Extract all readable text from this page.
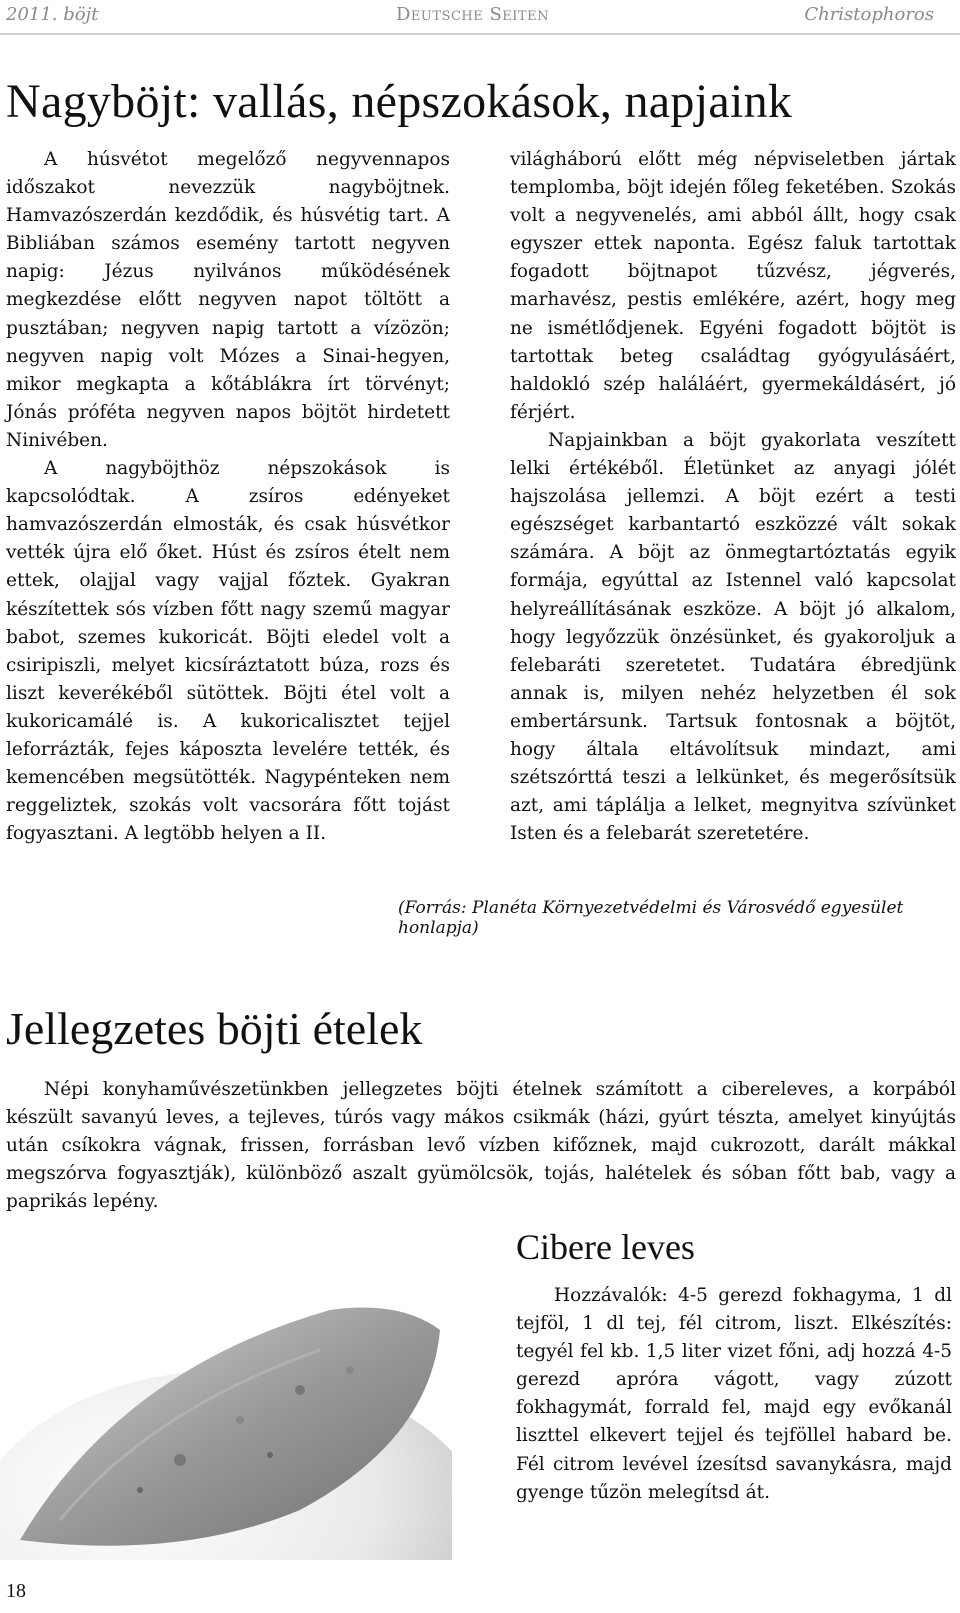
2011. böjt	Deutsche Seiten	Christophoros
Nagyböjt: vallás, népszokások, napjaink

A húsvétot megelőző negyvennapos időszakot nevezzük nagyböjtnek. Hamvazószerdán kezdődik, és húsvétig tart. A Bibliában számos esemény tartott negyven napig: Jézus nyilvános működésének megkezdése előtt negyven napot töltött a pusztában; negyven napig tartott a vízözön; negyven napig volt Mózes a Sinai-hegyen, mikor megkapta a kőtáblákra írt törvényt; Jónás próféta negyven napos böjtöt hirdetett Ninivében.

A nagyböjthöz népszokások is kapcsolódtak. A zsíros edényeket hamvazószerdán elmosták, és csak húsvétkor vették újra elő őket. Húst és zsíros ételt nem ettek, olajjal vagy vajjal főztek. Gyakran készítettek sós vízben főtt nagy szemű magyar babot, szemes kukoricát. Böjti eledel volt a csiripiszli, melyet kicsíráztatott búza, rozs és liszt keverékéből sütöttek. Böjti étel volt a kukoricamálé is. A kukoricalisztet tejjel leforrázták, fejes káposzta levelére tették, és kemencében megsütötték. Nagypénteken nem reggeliztek, szokás volt vacsorára főtt tojást fogyasztani. A legtöbb helyen a II.

világháború előtt még népviseletben jártak templomba, böjt idején főleg feketében. Szokás volt a negyvenelés, ami abból állt, hogy csak egyszer ettek naponta. Egész faluk tartottak fogadott böjtnapot tűzvész, jégverés, marhavész, pestis emlékére, azért, hogy meg ne ismétlődjenek. Egyéni fogadott böjtöt is tartottak beteg családtag gyógyulásáért, haldokló szép haláláért, gyermekáldásért, jó férjért.

Napjainkban a böjt gyakorlata veszített lelki értékéből. Életünket az anyagi jólét hajszolása jellemzi. A böjt ezért a testi egészséget karbantartó eszközzé vált sokak számára. A böjt az önmegtartóztatás egyik formája, egyúttal az Istennel való kapcsolat helyreállításának eszköze. A böjt jó alkalom, hogy legyőzzük önzésünket, és gyakoroljuk a felebaráti szeretetet. Tudatára ébredjünk annak is, milyen nehéz helyzetben él sok embertársunk. Tartsuk fontosnak a böjtöt, hogy általa eltávolítsuk mindazt, ami szétszórttá teszi a lelkünket, és megerősítsük azt, ami táplálja a lelket, megnyitva szívünket Isten és a felebarát szeretetére.

(Forrás: Planéta Környezetvédelmi és Városvédő egyesület honlapja)
Jellegzetes böjti ételek

Népi konyhaművészetünkben jellegzetes böjti ételnek számított a cibereleves, a korpából készült savanyú leves, a tejleves, túrós vagy mákos csikmák (házi, gyúrt tészta, amelyet kinyújtás után csíkokra vágnak, frissen, forrásban levő vízben kifőznek, majd cukrozott, darált mákkal megszórva fogyasztják), különböző aszalt gyümölcsök, tojás, halételek és sóban főtt bab, vagy a paprikás lepény.

Cibere leves

Hozzávalók: 4-5 gerezd fokhagyma, 1 dl tejföl, 1 dl tej, fél citrom, liszt. Elkészítés: tegyél fel kb. 1,5 liter vizet főni, adj hozzá 4-5 gerezd apróra vágott, vagy zúzott fokhagymát, forrald fel, majd egy evőkanál liszttel elkevert tejjel és tejföllel habard be. Fél citrom levével ízesítsd savanykásra, majd gyenge tűzön melegítsd át.

18
